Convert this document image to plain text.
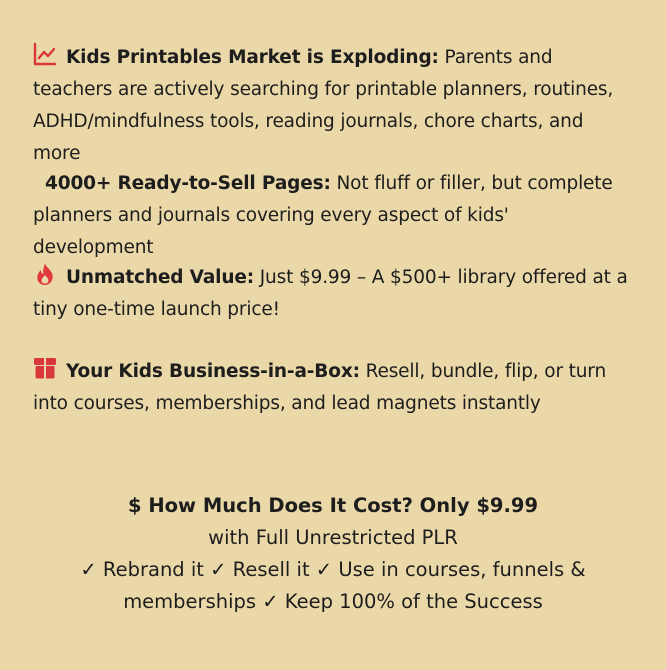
Kids Printables Market is Exploding: Parents and teachers are actively searching for printable planners, routines, ADHD/mindfulness tools, reading journals, chore charts, and more
4000+ Ready-to-Sell Pages: Not fluff or filler, but complete planners and journals covering every aspect of kids' development
Unmatched Value: Just $9.99 – A $500+ library offered at a tiny one-time launch price!
Your Kids Business-in-a-Box: Resell, bundle, flip, or turn into courses, memberships, and lead magnets instantly
$ How Much Does It Cost? Only $9.99
with Full Unrestricted PLR
✓ Rebrand it ✓ Resell it ✓ Use in courses, funnels & memberships ✓ Keep 100% of the Success
